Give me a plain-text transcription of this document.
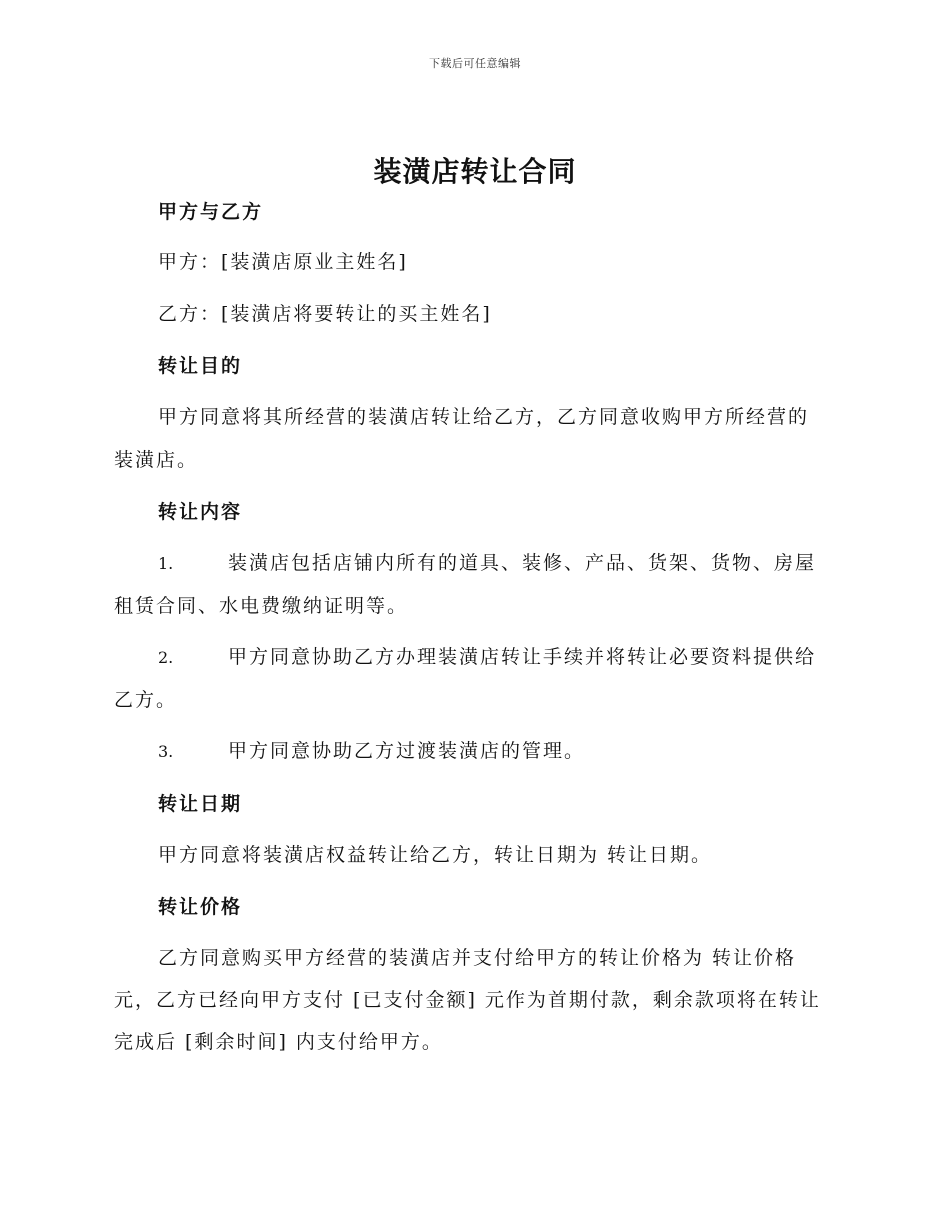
下载后可任意编辑
装潢店转让合同
甲方与乙方
甲方：[装潢店原业主姓名]
乙方：[装潢店将要转让的买主姓名]
转让目的
甲方同意将其所经营的装潢店转让给乙方，乙方同意收购甲方所经营的
装潢店。
转让内容
1.	装潢店包括店铺内所有的道具、装修、产品、货架、货物、房屋
租赁合同、水电费缴纳证明等。
2.	甲方同意协助乙方办理装潢店转让手续并将转让必要资料提供给
乙方。
3.	甲方同意协助乙方过渡装潢店的管理。
转让日期
甲方同意将装潢店权益转让给乙方，转让日期为 转让日期。
转让价格
乙方同意购买甲方经营的装潢店并支付给甲方的转让价格为 转让价格
元，乙方已经向甲方支付 [已支付金额] 元作为首期付款，剩余款项将在转让
完成后 [剩余时间] 内支付给甲方。
